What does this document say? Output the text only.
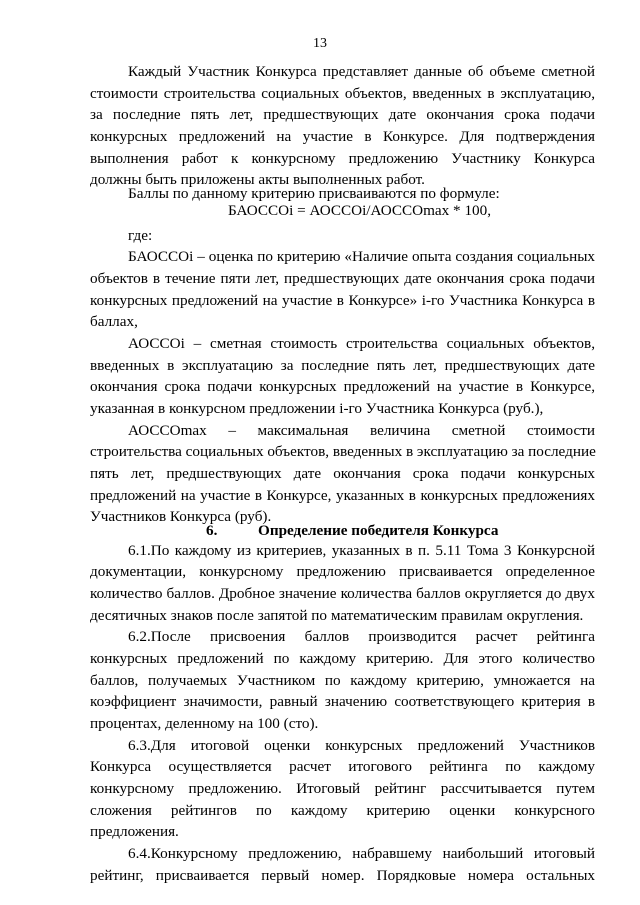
13
Каждый Участник Конкурса представляет данные об объеме сметной
стоимости строительства социальных объектов, введенных в эксплуатацию,
за последние пять лет, предшествующих дате окончания срока подачи
конкурсных предложений на участие в Конкурсе. Для подтверждения
выполнения работ к конкурсному предложению Участнику Конкурса
должны быть приложены акты выполненных работ.
Баллы по данному критерию присваиваются по формуле:
БАОССОi = АОССОi/АОССОmax * 100,
где:
БАОССОi – оценка по критерию «Наличие опыта создания социальных
объектов в течение пяти лет, предшествующих дате окончания срока подачи
конкурсных предложений на участие в Конкурсе» i-го Участника Конкурса в
баллах,
АОССОi – сметная стоимость строительства социальных объектов,
введенных в эксплуатацию за последние пять лет, предшествующих дате
окончания срока подачи конкурсных предложений на участие в Конкурсе,
указанная в конкурсном предложении i-го Участника Конкурса (руб.),
АОССОmax – максимальная величина сметной стоимости
строительства социальных объектов, введенных в эксплуатацию за последние
пять лет, предшествующих дате окончания срока подачи конкурсных
предложений на участие в Конкурсе, указанных в конкурсных предложениях
Участников Конкурса (руб).
6.	Определение победителя Конкурса
6.1.По каждому из критериев, указанных в п. 5.11 Тома 3 Конкурсной
документации, конкурсному предложению присваивается определенное
количество баллов. Дробное значение количества баллов округляется до двух
десятичных знаков после запятой по математическим правилам округления.
6.2.После присвоения баллов производится расчет рейтинга
конкурсных предложений по каждому критерию. Для этого количество
баллов, получаемых Участником по каждому критерию, умножается на
коэффициент значимости, равный значению соответствующего критерия в
процентах, деленному на 100 (сто).
6.3.Для итоговой оценки конкурсных предложений Участников
Конкурса осуществляется расчет итогового рейтинга по каждому
конкурсному предложению. Итоговый рейтинг рассчитывается путем
сложения рейтингов по каждому критерию оценки конкурсного
предложения.
6.4.Конкурсному предложению, набравшему наибольший итоговый
рейтинг, присваивается первый номер. Порядковые номера остальных
